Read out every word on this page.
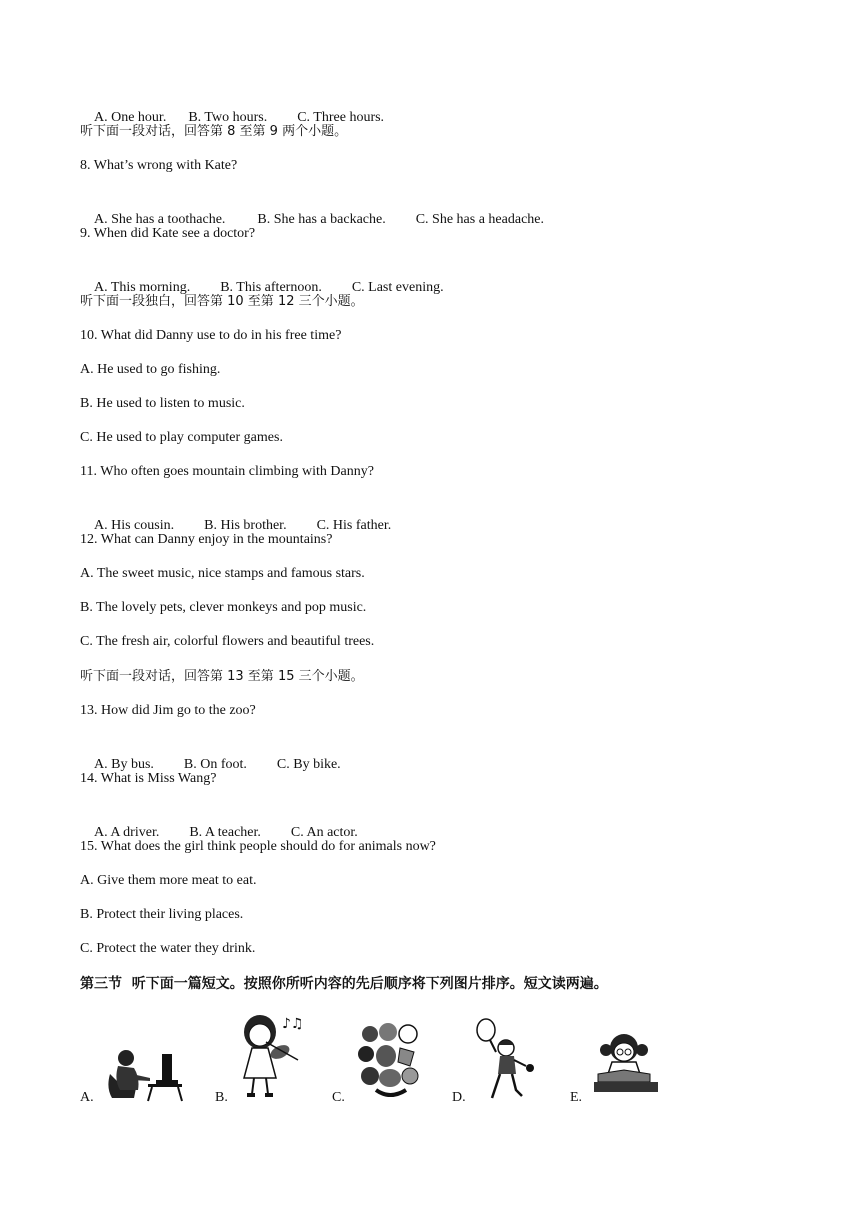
A. One hour. B. Two hours. C. Three hours.

听下面一段对话，回答第 8 至第 9 两个小题。
8. What’s wrong with Kate?

A. She has a toothache. B. She has a backache. C. She has a headache.

9. When did Kate see a doctor?

A. This morning. B. This afternoon. C. Last evening.

听下面一段独白，回答第 10 至第 12 三个小题。
10. What did Danny use to do in his free time?
A. He used to go fishing.
B. He used to listen to music.
C. He used to play computer games.
11. Who often goes mountain climbing with Danny?

A. His cousin. B. His brother. C. His father.

12. What can Danny enjoy in the mountains?
A. The sweet music, nice stamps and famous stars.
B. The lovely pets, clever monkeys and pop music.
C. The fresh air, colorful flowers and beautiful trees.
听下面一段对话，回答第 13 至第 15 三个小题。
13. How did Jim go to the zoo?

A. By bus. B. On foot. C. By bike.

14. What is Miss Wang?

A. A driver. B. A teacher. C. An actor.

15. What does the girl think people should do for animals now?
A. Give them more meat to eat.
B. Protect their living places.
C. Protect the water they drink.
第三节  听下面一篇短文。按照你所听内容的先后顺序将下列图片排序。短文读两遍。
A.	B.
♪♫
C.	D.	E.
